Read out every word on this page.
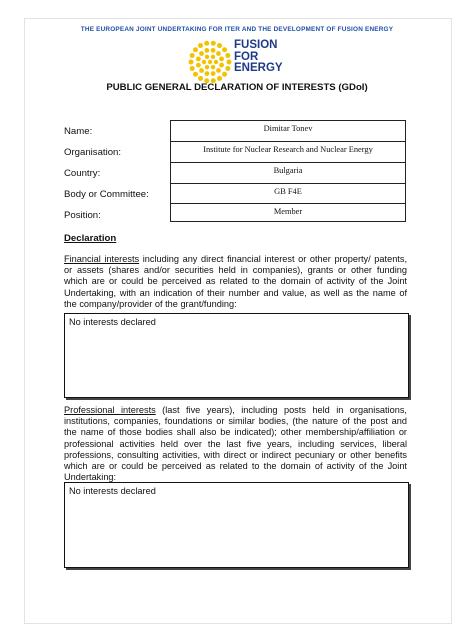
THE EUROPEAN JOINT UNDERTAKING FOR ITER AND THE DEVELOPMENT OF FUSION ENERGY
FUSION
FOR
ENERGY
PUBLIC GENERAL DECLARATION OF INTERESTS (GDoI)
Name:
Organisation:
Country:
Body or Committee:
Position:
Dimitar Tonev
Institute for Nuclear Research and Nuclear Energy
Bulgaria
GB F4E
Member
Declaration
Financial interests including any direct financial interest or other property/ patents, or assets (shares and/or securities held in companies), grants or other funding which are or could be perceived as related to the domain of activity of the Joint Undertaking, with an indication of their number and value, as well as the name of the company/provider of the grant/funding:
No interests declared
Professional interests (last five years), including posts held in organisations, institutions, companies, foundations or similar bodies, (the nature of the post and the name of those bodies shall also be indicated); other membership/affiliation or professional activities held over the last five years, including services, liberal professions, consulting activities, with direct or indirect pecuniary or other benefits which are or could be perceived as related to the domain of activity of the Joint Undertaking:
No interests declared
